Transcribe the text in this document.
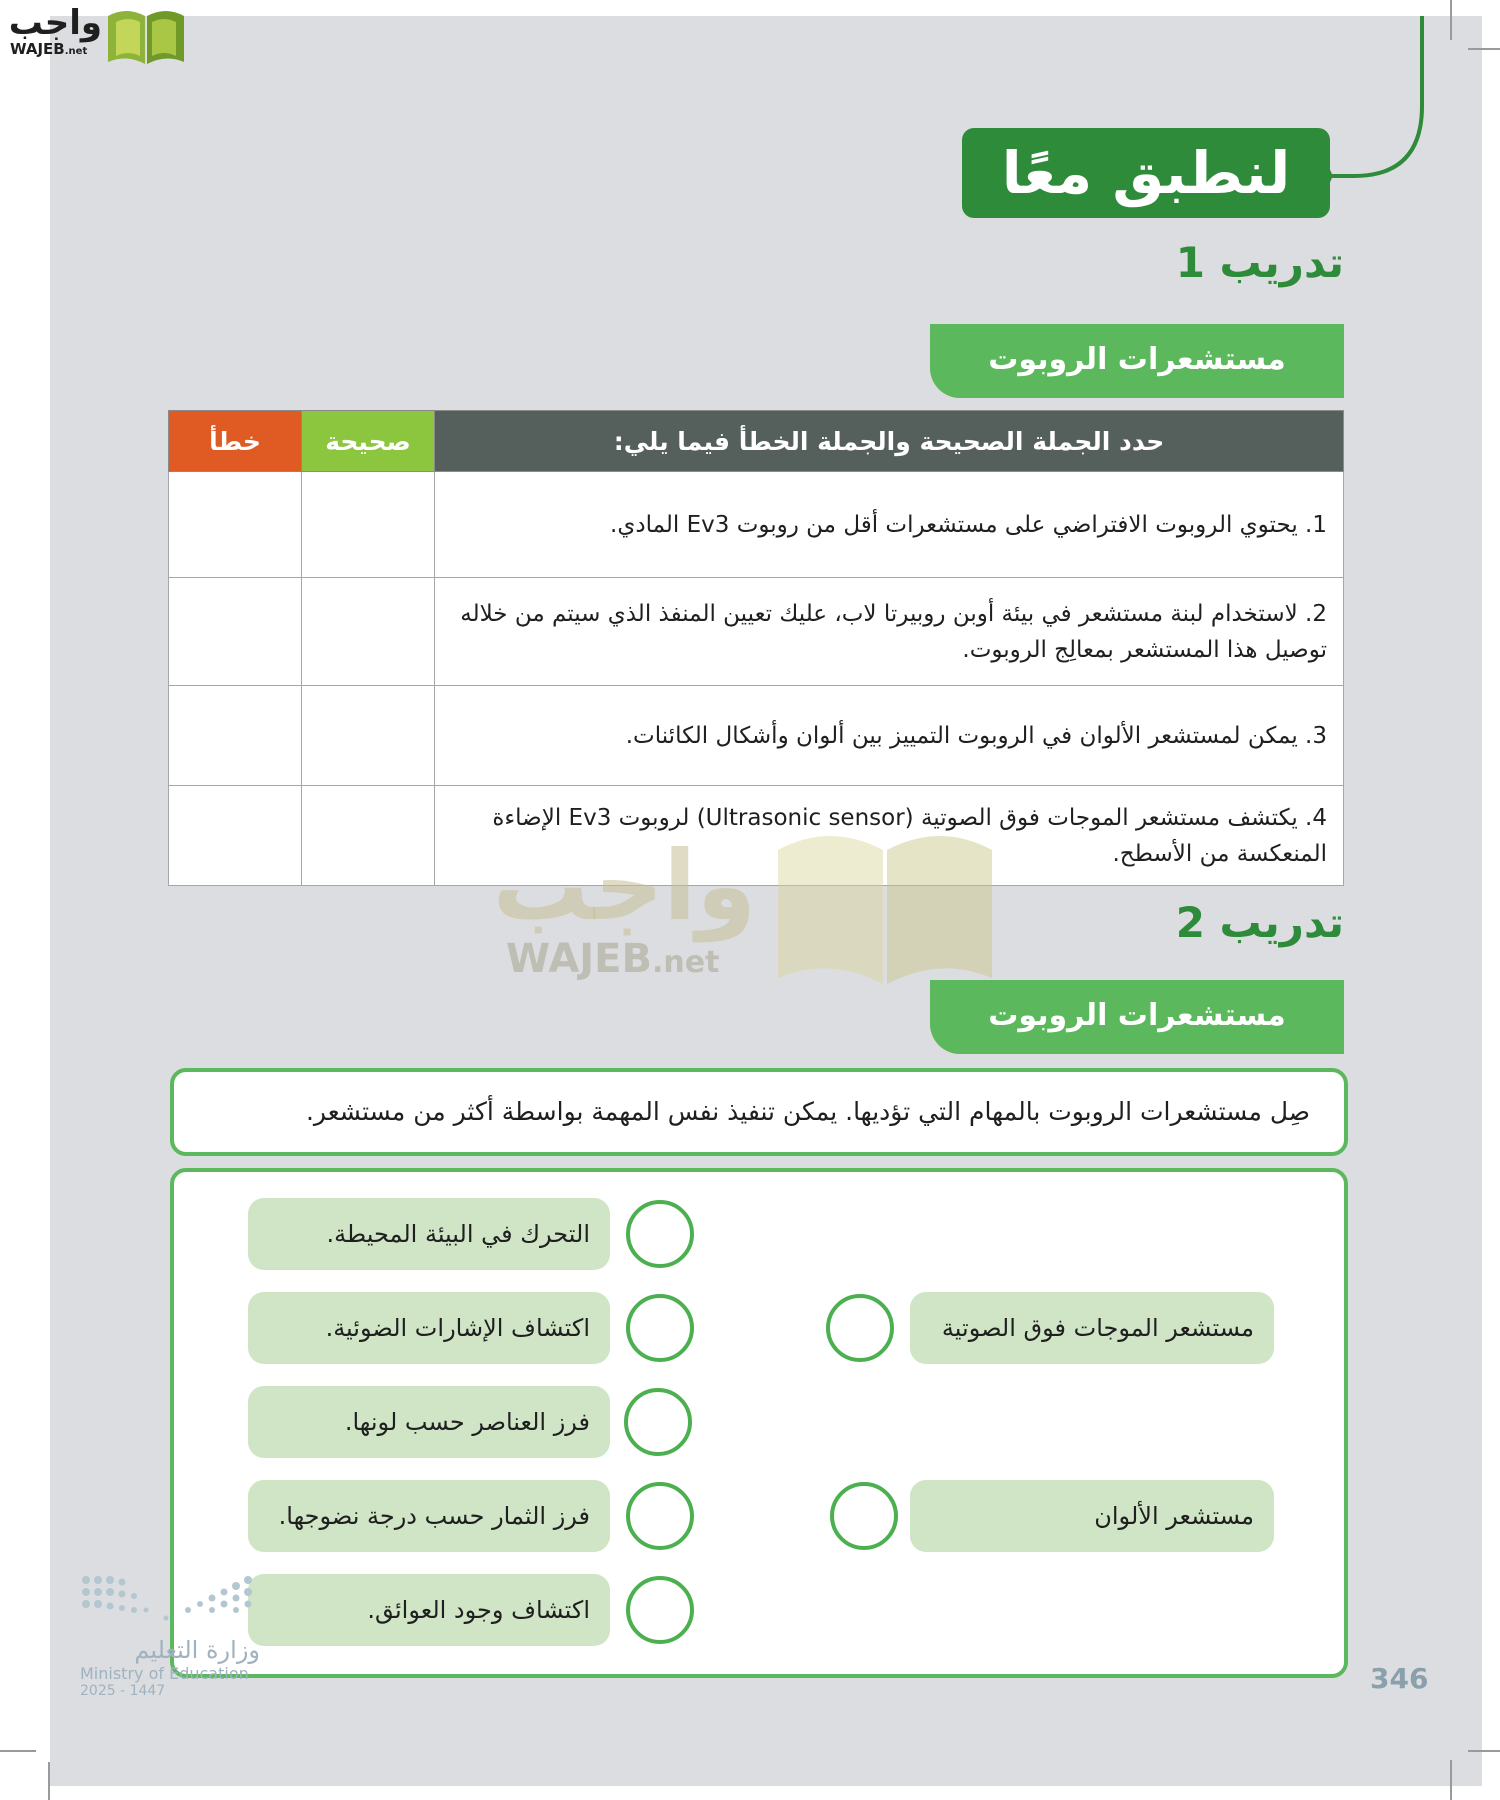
واجب
WAJEB.net
لنطبق معًا
تدريب 1
مستشعرات الروبوت
خطأ	صحيحة	حدد الجملة الصحيحة والجملة الخطأ فيما يلي:
		1. يحتوي الروبوت الافتراضي على مستشعرات أقل من روبوت Ev3 المادي.
		2. لاستخدام لبنة مستشعر في بيئة أوبن روبيرتا لاب، عليك تعيين المنفذ الذي سيتم من خلاله توصيل هذا المستشعر بمعالِج الروبوت.
		3. يمكن لمستشعر الألوان في الروبوت التمييز بين ألوان وأشكال الكائنات.
		4. يكتشف مستشعر الموجات فوق الصوتية (Ultrasonic sensor) لروبوت Ev3 الإضاءة المنعكسة من الأسطح.
واجب
WAJEB.net
تدريب 2
مستشعرات الروبوت
صِل مستشعرات الروبوت بالمهام التي تؤديها. يمكن تنفيذ نفس المهمة بواسطة أكثر من مستشعر.
التحرك في البيئة المحيطة.
اكتشاف الإشارات الضوئية.
فرز العناصر حسب لونها.
فرز الثمار حسب درجة نضوجها.
اكتشاف وجود العوائق.
مستشعر الموجات فوق الصوتية
مستشعر الألوان
وزارة التعليم
Ministry of Education
2025 - 1447	346
